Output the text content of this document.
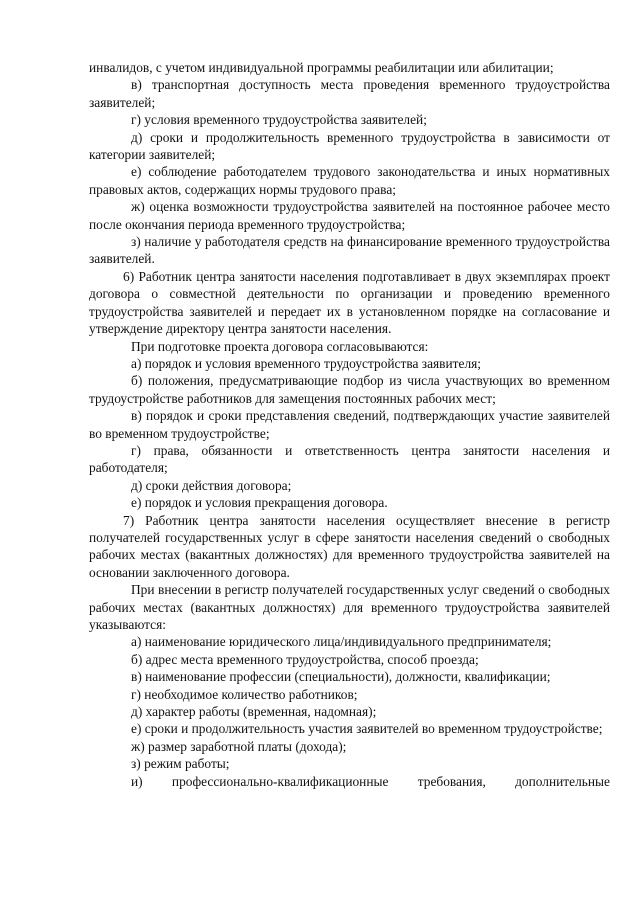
инвалидов, с учетом индивидуальной программы реабилитации или абилитации;

в) транспортная доступность места проведения временного трудоустройства заявителей;

г) условия временного трудоустройства заявителей;

д) сроки и продолжительность временного трудоустройства в зависимости от категории заявителей;

е) соблюдение работодателем трудового законодательства и иных нормативных правовых актов, содержащих нормы трудового права;

ж) оценка возможности трудоустройства заявителей на постоянное рабочее место после окончания периода временного трудоустройства;

з) наличие у работодателя средств на финансирование временного трудоустройства заявителей.

6) Работник центра занятости населения подготавливает в двух экземплярах проект договора о совместной деятельности по организации и проведению временного трудоустройства заявителей и передает их в установленном порядке на согласование и утверждение директору центра занятости населения.

При подготовке проекта договора согласовываются:

а) порядок и условия временного трудоустройства заявителя;

б) положения, предусматривающие подбор из числа участвующих во временном трудоустройстве работников для замещения постоянных рабочих мест;

в) порядок и сроки представления сведений, подтверждающих участие заявителей во временном трудоустройстве;

г) права, обязанности и ответственность центра занятости населения и работодателя;

д) сроки действия договора;

е) порядок и условия прекращения договора.

7) Работник центра занятости населения осуществляет внесение в регистр получателей государственных услуг в сфере занятости населения сведений о свободных рабочих местах (вакантных должностях) для временного трудоустройства заявителей на основании заключенного договора.

При внесении в регистр получателей государственных услуг сведений о свободных рабочих местах (вакантных должностях) для временного трудоустройства заявителей указываются:

а) наименование юридического лица/индивидуального предпринимателя;

б) адрес места временного трудоустройства, способ проезда;

в) наименование профессии (специальности), должности, квалификации;

г) необходимое количество работников;

д) характер работы (временная, надомная);

е) сроки и продолжительность участия заявителей во временном трудоустройстве;

ж) размер заработной платы (дохода);

з) режим работы;

и) профессионально-квалификационные требования, дополнительные
